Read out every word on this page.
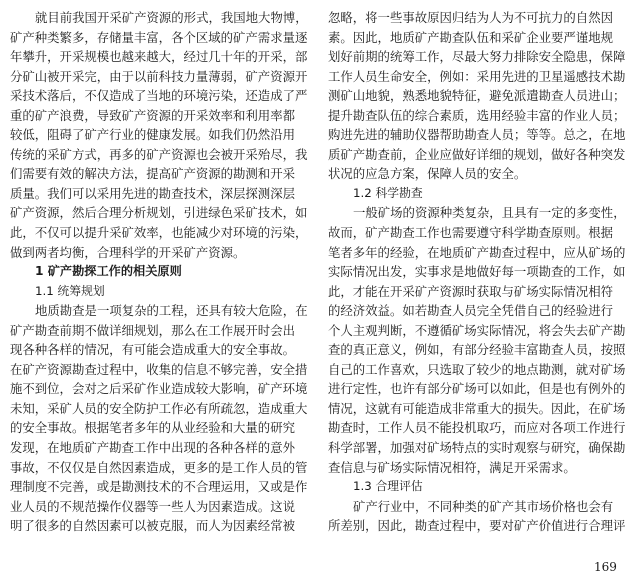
就目前我国开采矿产资源的形式，我国地大物博，
矿产种类繁多，存储量丰富，各个区域的矿产需求量逐
年攀升，开采规模也越来越大，经过几十年的开采，部
分矿山被开采完，由于以前科技力量薄弱，矿产资源开
采技术落后，不仅造成了当地的环境污染，还造成了严
重的矿产浪费，导致矿产资源的开采效率和利用率都
较低，阻碍了矿产行业的健康发展。如我们仍然沿用
传统的采矿方式，再多的矿产资源也会被开采殆尽，我
们需要有效的解决方法，提高矿产资源的勘测和开采
质量。我们可以采用先进的勘查技术，深层探测深层
矿产资源，然后合理分析规划，引进绿色采矿技术，如
此，不仅可以提升采矿效率，也能减少对环境的污染，
做到两者均衡，合理科学的开采矿产资源。
1 矿产勘探工作的相关原则
1.1 统筹规划
地质勘查是一项复杂的工程，还具有较大危险，在
矿产勘查前期不做详细规划，那么在工作展开时会出
现各种各样的情况，有可能会造成重大的安全事故。
在矿产资源勘查过程中，收集的信息不够完善，安全措
施不到位，会对之后采矿作业造成较大影响，矿产环境
未知，采矿人员的安全防护工作必有所疏忽，造成重大
的安全事故。根据笔者多年的从业经验和大量的研究
发现，在地质矿产勘查工作中出现的各种各样的意外
事故，不仅仅是自然因素造成，更多的是工作人员的管
理制度不完善，或是勘测技术的不合理运用，又或是作
业人员的不规范操作仪器等一些人为因素造成。这说
明了很多的自然因素可以被克服，而人为因素经常被
忽略，将一些事故原因归结为人为不可抗力的自然因
素。因此，地质矿产勘查队伍和采矿企业要严谨地规
划好前期的统筹工作，尽最大努力排除安全隐患，保障
工作人员生命安全，例如：采用先进的卫星遥感技术勘
测矿山地貌，熟悉地貌特征，避免派遣勘查人员进山；
提升勘查队伍的综合素质，选用经验丰富的作业人员；
购进先进的辅助仪器帮助勘查人员；等等。总之，在地
质矿产勘查前，企业应做好详细的规划，做好各种突发
状况的应急方案，保障人员的安全。
1.2 科学勘查
一般矿场的资源种类复杂，且具有一定的多变性，
故而，矿产勘查工作也需要遵守科学勘查原则。根据
笔者多年的经验，在地质矿产勘查过程中，应从矿场的
实际情况出发，实事求是地做好每一项勘查的工作，如
此，才能在开采矿产资源时获取与矿场实际情况相符
的经济效益。如若勘查人员完全凭借自己的经验进行
个人主观判断，不遵循矿场实际情况，将会失去矿产勘
查的真正意义，例如，有部分经验丰富勘查人员，按照
自己的工作喜欢，只选取了较少的地点勘测，就对矿场
进行定性，也许有部分矿场可以如此，但是也有例外的
情况，这就有可能造成非常重大的损失。因此，在矿场
勘查时，工作人员不能投机取巧，而应对各项工作进行
科学部署，加强对矿场特点的实时观察与研究，确保勘
查信息与矿场实际情况相符，满足开采需求。
1.3 合理评估
矿产行业中，不同种类的矿产其市场价格也会有
所差别，因此，勘查过程中，要对矿产价值进行合理评
169
